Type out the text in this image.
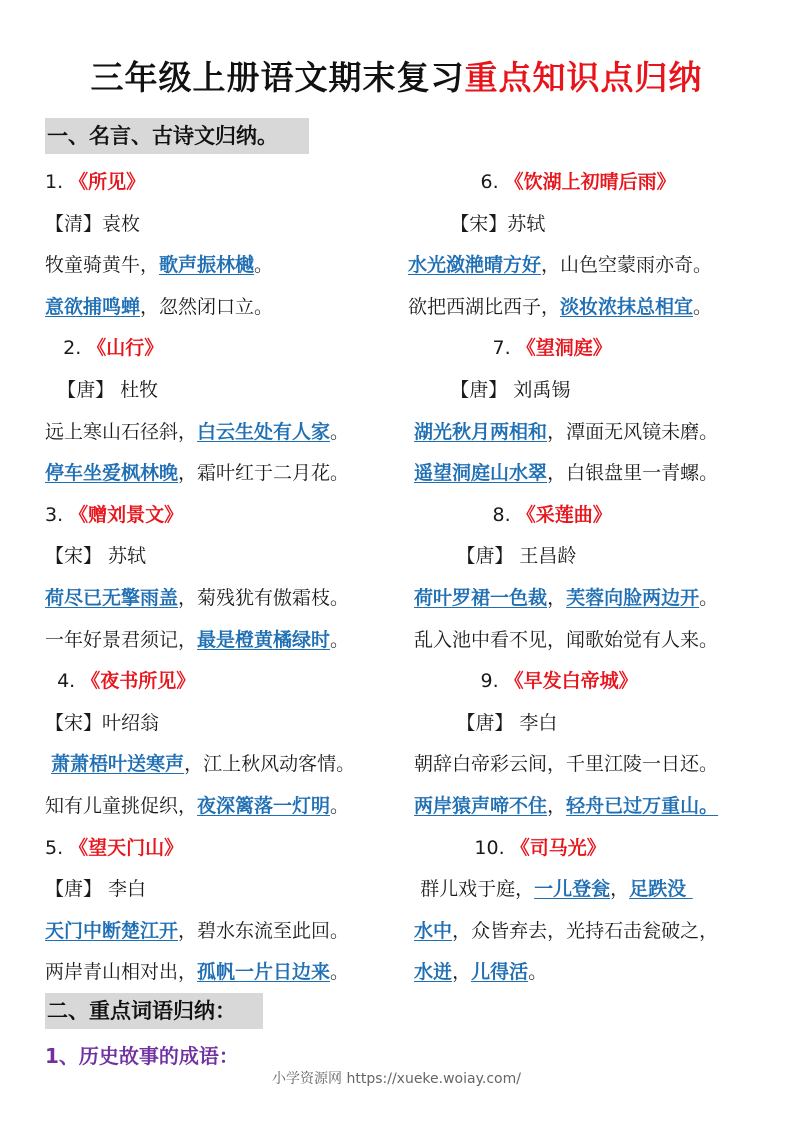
三年级上册语文期末复习重点知识点归纳
一、名言、古诗文归纳。
1. 《所见》
【清】袁枚
牧童骑黄牛，歌声振林樾。
意欲捕鸣蝉，忽然闭口立。
2. 《山行》
【唐】 杜牧
远上寒山石径斜，白云生处有人家。
停车坐爱枫林晚，霜叶红于二月花。
3. 《赠刘景文》
【宋】 苏轼
荷尽已无擎雨盖，菊残犹有傲霜枝。
一年好景君须记，最是橙黄橘绿时。
4. 《夜书所见》
【宋】叶绍翁
萧萧梧叶送寒声，江上秋风动客情。
知有儿童挑促织，夜深篱落一灯明。
5. 《望天门山》
【唐】 李白
天门中断楚江开，碧水东流至此回。
两岸青山相对出，孤帆一片日边来。
6. 《饮湖上初晴后雨》
【宋】苏轼
水光潋滟晴方好，山色空蒙雨亦奇。
欲把西湖比西子，淡妆浓抹总相宜。
7. 《望洞庭》
【唐】 刘禹锡
湖光秋月两相和，潭面无风镜未磨。
遥望洞庭山水翠，白银盘里一青螺。
8. 《采莲曲》
【唐】 王昌龄
荷叶罗裙一色裁，芙蓉向脸两边开。
乱入池中看不见，闻歌始觉有人来。
9. 《早发白帝城》
【唐】 李白
朝辞白帝彩云间，千里江陵一日还。
两岸猿声啼不住，轻舟已过万重山。
10. 《司马光》
群儿戏于庭，一儿登瓮，足跌没
水中，众皆弃去，光持石击瓮破之，
水迸，儿得活。
二、重点词语归纳：
1、历史故事的成语：
小学资源网 https://xueke.woiay.com/
